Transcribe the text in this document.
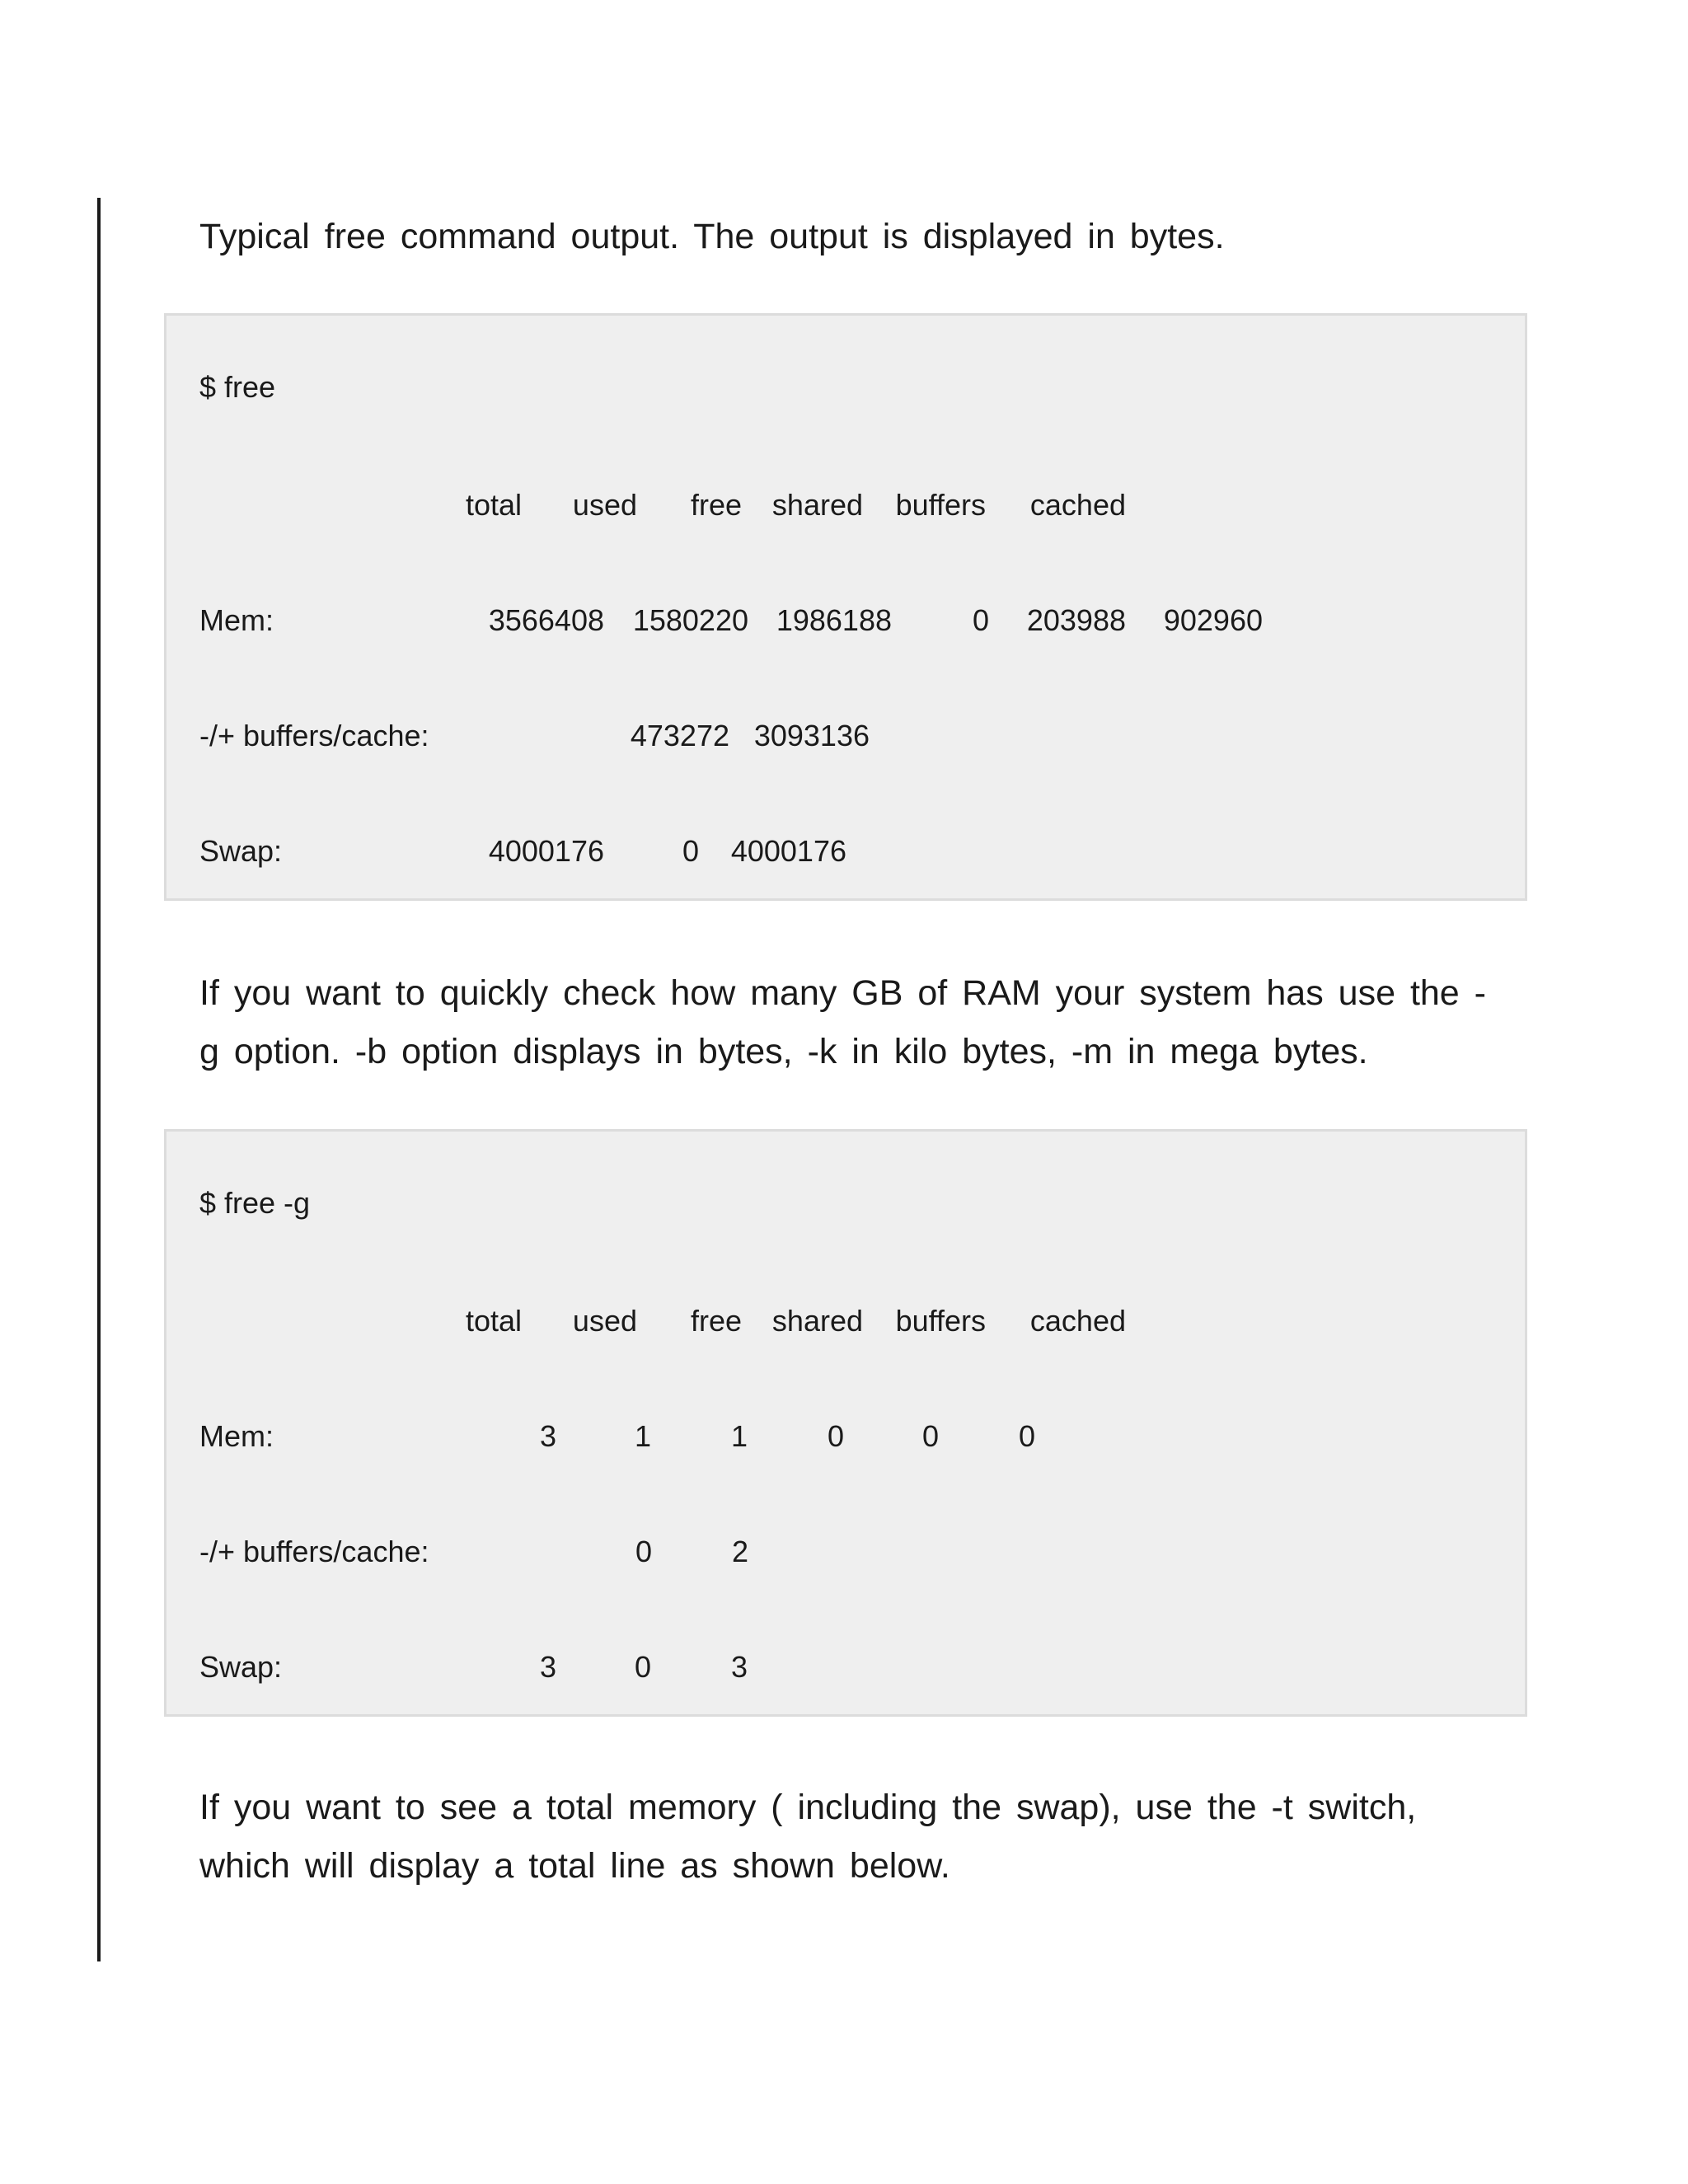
Typical free command output. The output is displayed in bytes.

$ free
total used free shared buffers cached
Mem:	3566408 1580220 1986188	0 203988 902960
-/+ buffers/cache:	473272 3093136
Swap:	4000176	0 4000176

If you want to quickly check how many GB of RAM your system has use the -g option. -b option displays in bytes, -k in kilo bytes, -m in mega bytes.

$ free -g
total used free shared buffers cached
Mem:	3	1	1	0	0	0
-/+ buffers/cache:	0	2
Swap:	3	0	3

If you want to see a total memory ( including the swap), use the -t switch, which will display a total line as shown below.
